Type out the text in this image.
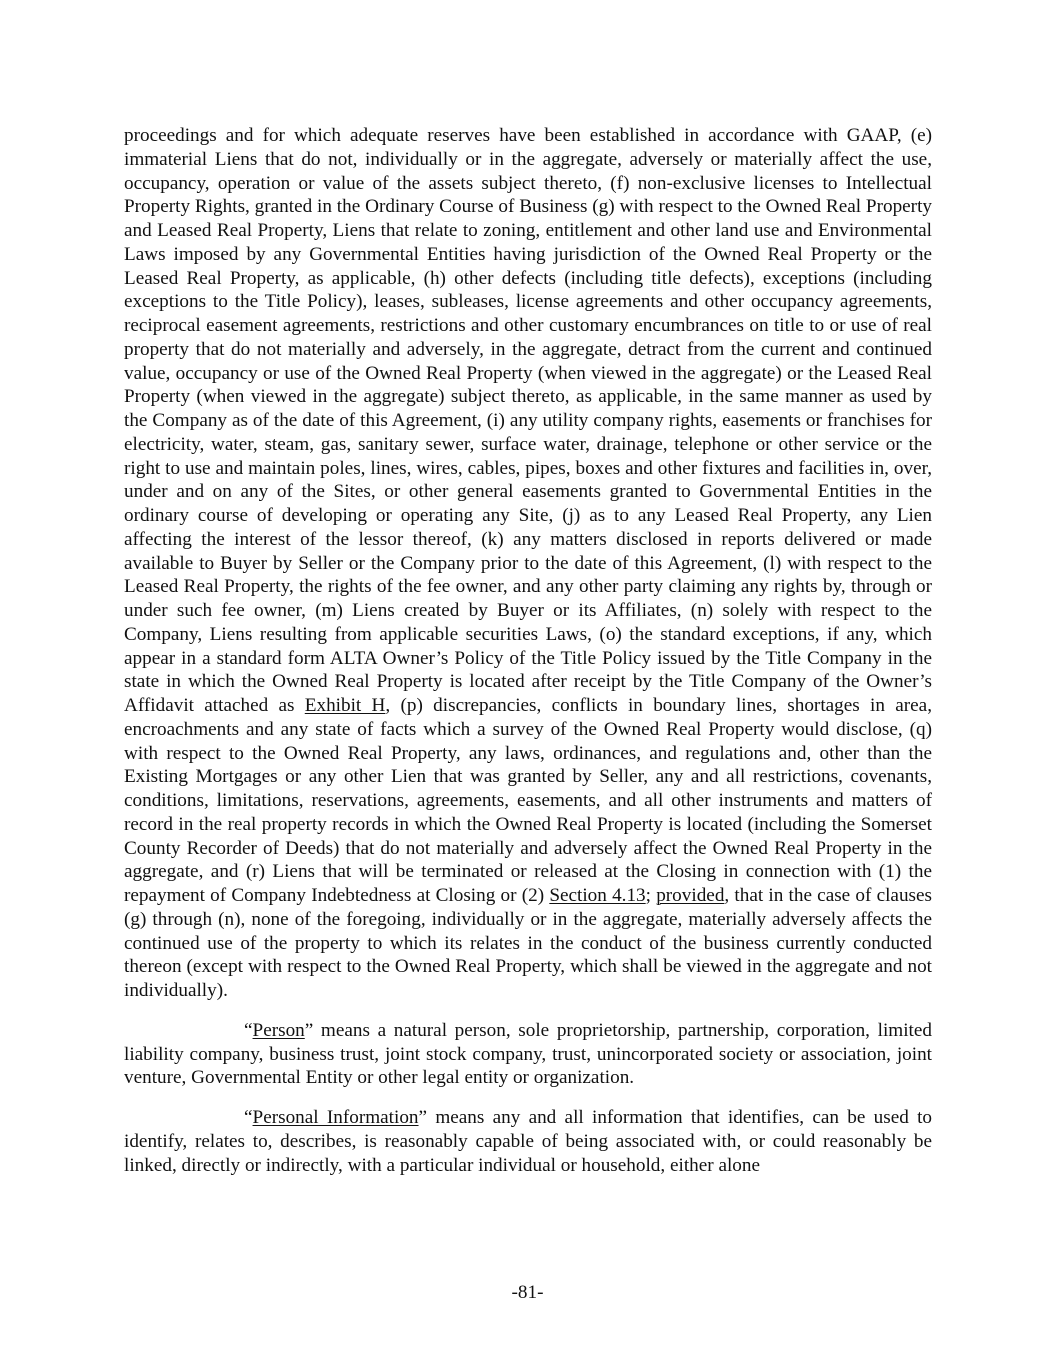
proceedings and for which adequate reserves have been established in accordance with GAAP, (e) immaterial Liens that do not, individually or in the aggregate, adversely or materially affect the use, occupancy, operation or value of the assets subject thereto, (f) non-exclusive licenses to Intellectual Property Rights, granted in the Ordinary Course of Business (g) with respect to the Owned Real Property and Leased Real Property, Liens that relate to zoning, entitlement and other land use and Environmental Laws imposed by any Governmental Entities having jurisdiction of the Owned Real Property or the Leased Real Property, as applicable, (h) other defects (including title defects), exceptions (including exceptions to the Title Policy), leases, subleases, license agreements and other occupancy agreements, reciprocal easement agreements, restrictions and other customary encumbrances on title to or use of real property that do not materially and adversely, in the aggregate, detract from the current and continued value, occupancy or use of the Owned Real Property (when viewed in the aggregate) or the Leased Real Property (when viewed in the aggregate) subject thereto, as applicable, in the same manner as used by the Company as of the date of this Agreement, (i) any utility company rights, easements or franchises for electricity, water, steam, gas, sanitary sewer, surface water, drainage, telephone or other service or the right to use and maintain poles, lines, wires, cables, pipes, boxes and other fixtures and facilities in, over, under and on any of the Sites, or other general easements granted to Governmental Entities in the ordinary course of developing or operating any Site, (j) as to any Leased Real Property, any Lien affecting the interest of the lessor thereof, (k) any matters disclosed in reports delivered or made available to Buyer by Seller or the Company prior to the date of this Agreement, (l) with respect to the Leased Real Property, the rights of the fee owner, and any other party claiming any rights by, through or under such fee owner, (m) Liens created by Buyer or its Affiliates, (n) solely with respect to the Company, Liens resulting from applicable securities Laws, (o) the standard exceptions, if any, which appear in a standard form ALTA Owner’s Policy of the Title Policy issued by the Title Company in the state in which the Owned Real Property is located after receipt by the Title Company of the Owner’s Affidavit attached as Exhibit H, (p) discrepancies, conflicts in boundary lines, shortages in area, encroachments and any state of facts which a survey of the Owned Real Property would disclose, (q) with respect to the Owned Real Property, any laws, ordinances, and regulations and, other than the Existing Mortgages or any other Lien that was granted by Seller, any and all restrictions, covenants, conditions, limitations, reservations, agreements, easements, and all other instruments and matters of record in the real property records in which the Owned Real Property is located (including the Somerset County Recorder of Deeds) that do not materially and adversely affect the Owned Real Property in the aggregate, and (r) Liens that will be terminated or released at the Closing in connection with (1) the repayment of Company Indebtedness at Closing or (2) Section 4.13; provided, that in the case of clauses (g) through (n), none of the foregoing, individually or in the aggregate, materially adversely affects the continued use of the property to which its relates in the conduct of the business currently conducted thereon (except with respect to the Owned Real Property, which shall be viewed in the aggregate and not individually).

“Person” means a natural person, sole proprietorship, partnership, corporation, limited liability company, business trust, joint stock company, trust, unincorporated society or association, joint venture, Governmental Entity or other legal entity or organization.

“Personal Information” means any and all information that identifies, can be used to identify, relates to, describes, is reasonably capable of being associated with, or could reasonably be linked, directly or indirectly, with a particular individual or household, either alone

-81-
